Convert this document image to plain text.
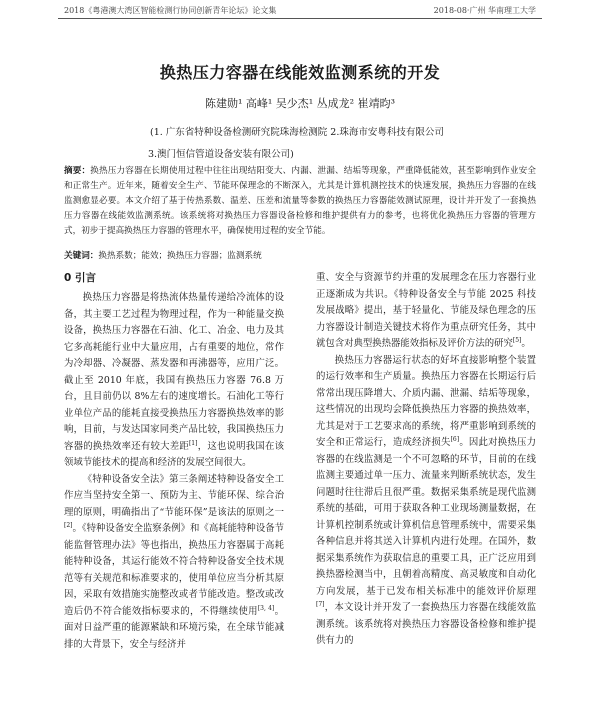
2018《粤港澳大湾区智能检测行协同创新青年论坛》论文集	2018-08·广州 华南理工大学
换热压力容器在线能效监测系统的开发
陈建勋¹ 高峰¹ 吴少杰¹ 丛成龙² 崔靖昀³
(1. 广东省特种设备检测研究院珠海检测院 2.珠海市安粤科技有限公司
3.澳门恒信管道设备安装有限公司)
摘要：换热压力容器在长期使用过程中往往出现结阳变大、内漏、泄漏、结垢等现象，严重降低能效，甚至影响到作业安全和正常生产。近年来，随着安全生产、节能环保理念的不断深入，尤其是计算机测控技术的快速发展，换热压力容器的在线监测愈显必要。本文介绍了基于传热系数、温差、压差和流量等参数的换热压力容器能效测试原理，设计并开发了一套换热压力容器在线能效监测系统。该系统将对换热压力容器设备检修和维护提供有力的参考，也将优化换热压力容器的管理方式，初步于提高换热压力容器的管理水平，确保使用过程的安全节能。
关键词：换热系数；能效；换热压力容器；监测系统
0 引言

换热压力容器是将热流体热量传递给冷流体的设备，其主要工艺过程为物理过程，作为一种能量交换设备，换热压力容器在石油、化工、冶金、电力及其它多高耗能行业中大量应用，占有重要的地位，常作为冷却器、冷凝器、蒸发器和再沸器等，应用广泛。截止至 2010 年底，我国有换热压力容器 76.8 万台，且目前仍以 8%左右的速度增长。石油化工等行业单位产品的能耗直接受换热压力容器换热效率的影响，目前，与发达国家同类产品比较，我国换热压力容器的换热效率还有较大差距[1]，这也说明我国在该领域节能技术的提高和经济的发展空间很大。

《特种设备安全法》第三条阐述特种设备安全工作应当坚持安全第一、预防为主、节能环保、综合治理的原则，明确指出了“节能环保”是该法的原则之一[2]。《特种设备安全监察条例》和《高耗能特种设备节能监督管理办法》等也指出，换热压力容器属于高耗能特种设备，其运行能效不符合特种设备安全技术规范等有关规范和标准要求的，使用单位应当分析其原因，采取有效措施实施整改或者节能改造。整改或改造后仍不符合能效指标要求的，不得继续使用[3, 4]。面对日益严重的能源紧缺和环境污染，在全球节能减排的大背景下，安全与经济并

重、安全与资源节约并重的发展理念在压力容器行业正逐渐成为共识。《特种设备安全与节能 2025 科技发展战略》提出，基于轻量化、节能及绿色理念的压力容器设计制造关键技术将作为重点研究任务，其中就包含对典型换热器能效指标及评价方法的研究[5]。

换热压力容器运行状态的好坏直接影响整个装置的运行效率和生产质量。换热压力容器在长期运行后常常出现压降增大、介质内漏、泄漏、结垢等现象，这些情况的出现均会降低换热压力容器的换热效率，尤其是对于工艺要求高的系统，将严重影响到系统的安全和正常运行，造成经济损失[6]。因此对换热压力容器的在线监测是一个不可忽略的环节，目前的在线监测主要通过单一压力、流量来判断系统状态，发生问题时往往滞后且很严重。数据采集系统是现代监测系统的基础，可用于获取各种工业现场测量数据，在计算机控制系统或计算机信息管理系统中，需要采集各种信息并将其送入计算机内进行处理。在国外，数据采集系统作为获取信息的重要工具，正广泛应用到换热器检测当中，且朝着高精度、高灵敏度和自动化方向发展，基于已发布相关标准中的能效评价原理[7]，本文设计并开发了一套换热压力容器在线能效监测系统。该系统将对换热压力容器设备检修和维护提供有力的
